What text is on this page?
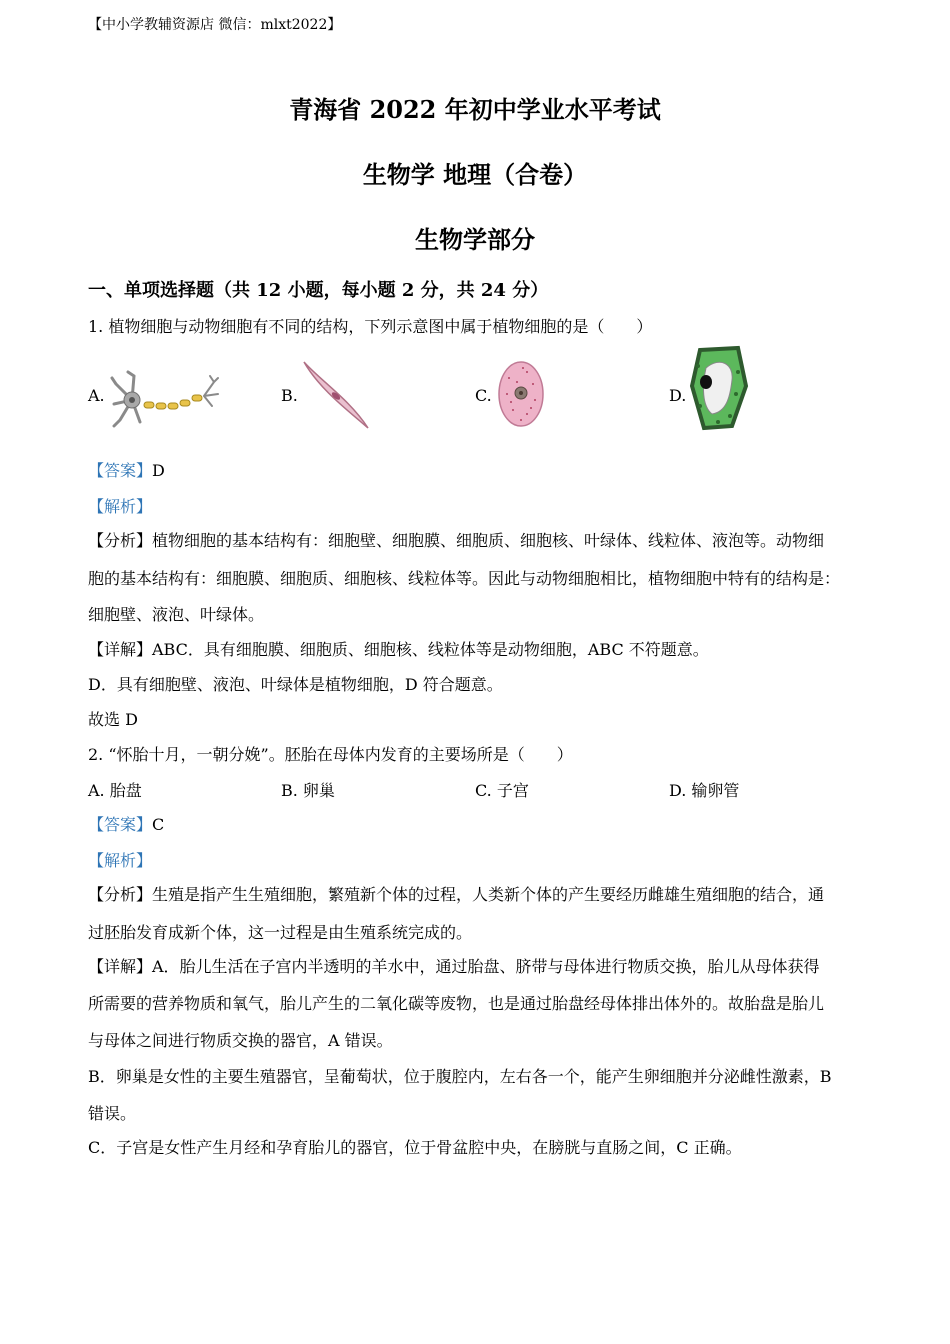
【中小学教辅资源店 微信：mlxt2022】
青海省 2022 年初中学业水平考试
生物学 地理（合卷）
生物学部分
一、单项选择题（共 12 小题，每小题 2 分，共 24 分）
1. 植物细胞与动物细胞有不同的结构，下列示意图中属于植物细胞的是（　　）
A.	B.	C.	D.
【答案】D
【解析】
【分析】植物细胞的基本结构有：细胞壁、细胞膜、细胞质、细胞核、叶绿体、线粒体、液泡等。动物细
胞的基本结构有：细胞膜、细胞质、细胞核、线粒体等。因此与动物细胞相比，植物细胞中特有的结构是：
细胞壁、液泡、叶绿体。
【详解】ABC．具有细胞膜、细胞质、细胞核、线粒体等是动物细胞，ABC 不符题意。
D．具有细胞壁、液泡、叶绿体是植物细胞，D 符合题意。
故选 D
2. “怀胎十月，一朝分娩”。胚胎在母体内发育的主要场所是（　　）
A. 胎盘	B. 卵巢	C. 子宫	D. 输卵管
【答案】C
【解析】
【分析】生殖是指产生生殖细胞，繁殖新个体的过程，人类新个体的产生要经历雌雄生殖细胞的结合，通
过胚胎发育成新个体，这一过程是由生殖系统完成的。
【详解】A．胎儿生活在子宫内半透明的羊水中，通过胎盘、脐带与母体进行物质交换，胎儿从母体获得
所需要的营养物质和氧气，胎儿产生的二氧化碳等废物，也是通过胎盘经母体排出体外的。故胎盘是胎儿
与母体之间进行物质交换的器官，A 错误。
B．卵巢是女性的主要生殖器官，呈葡萄状，位于腹腔内，左右各一个，能产生卵细胞并分泌雌性激素，B
错误。
C．子宫是女性产生月经和孕育胎儿的器官，位于骨盆腔中央，在膀胱与直肠之间，C 正确。
